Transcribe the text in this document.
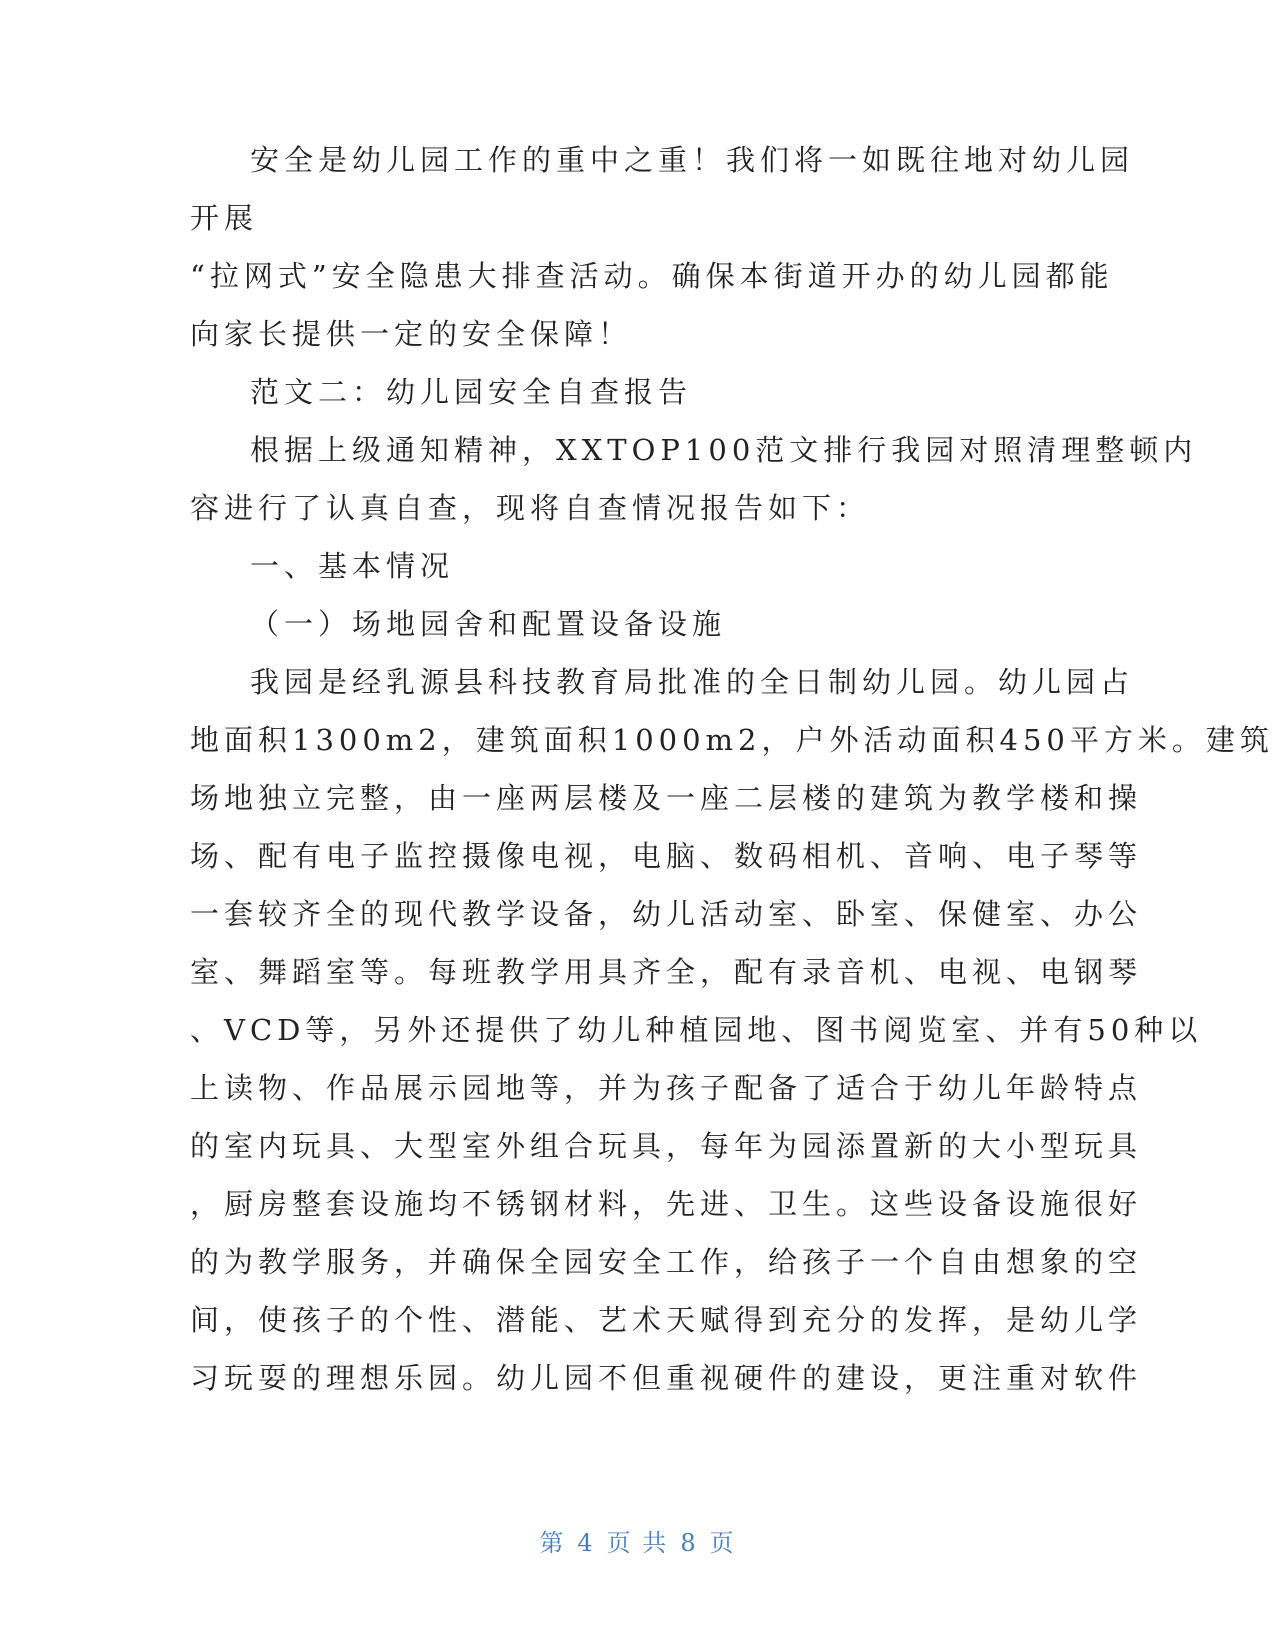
安全是幼儿园工作的重中之重！我们将一如既往地对幼儿园

开展

“拉网式”安全隐患大排查活动。确保本街道开办的幼儿园都能

向家长提供一定的安全保障！

范文二：幼儿园安全自查报告

根据上级通知精神，XXTOP100范文排行我园对照清理整顿内

容进行了认真自查，现将自查情况报告如下：

一、基本情况

（一）场地园舍和配置设备设施

我园是经乳源县科技教育局批准的全日制幼儿园。幼儿园占

地面积1300m2，建筑面积1000m2，户外活动面积450平方米。建筑

场地独立完整，由一座两层楼及一座二层楼的建筑为教学楼和操

场、配有电子监控摄像电视，电脑、数码相机、音响、电子琴等

一套较齐全的现代教学设备，幼儿活动室、卧室、保健室、办公

室、舞蹈室等。每班教学用具齐全，配有录音机、电视、电钢琴

、VCD等，另外还提供了幼儿种植园地、图书阅览室、并有50种以

上读物、作品展示园地等，并为孩子配备了适合于幼儿年龄特点

的室内玩具、大型室外组合玩具，每年为园添置新的大小型玩具

，厨房整套设施均不锈钢材料，先进、卫生。这些设备设施很好

的为教学服务，并确保全园安全工作，给孩子一个自由想象的空

间，使孩子的个性、潜能、艺术天赋得到充分的发挥，是幼儿学

习玩耍的理想乐园。幼儿园不但重视硬件的建设，更注重对软件

第 4 页 共 8 页
